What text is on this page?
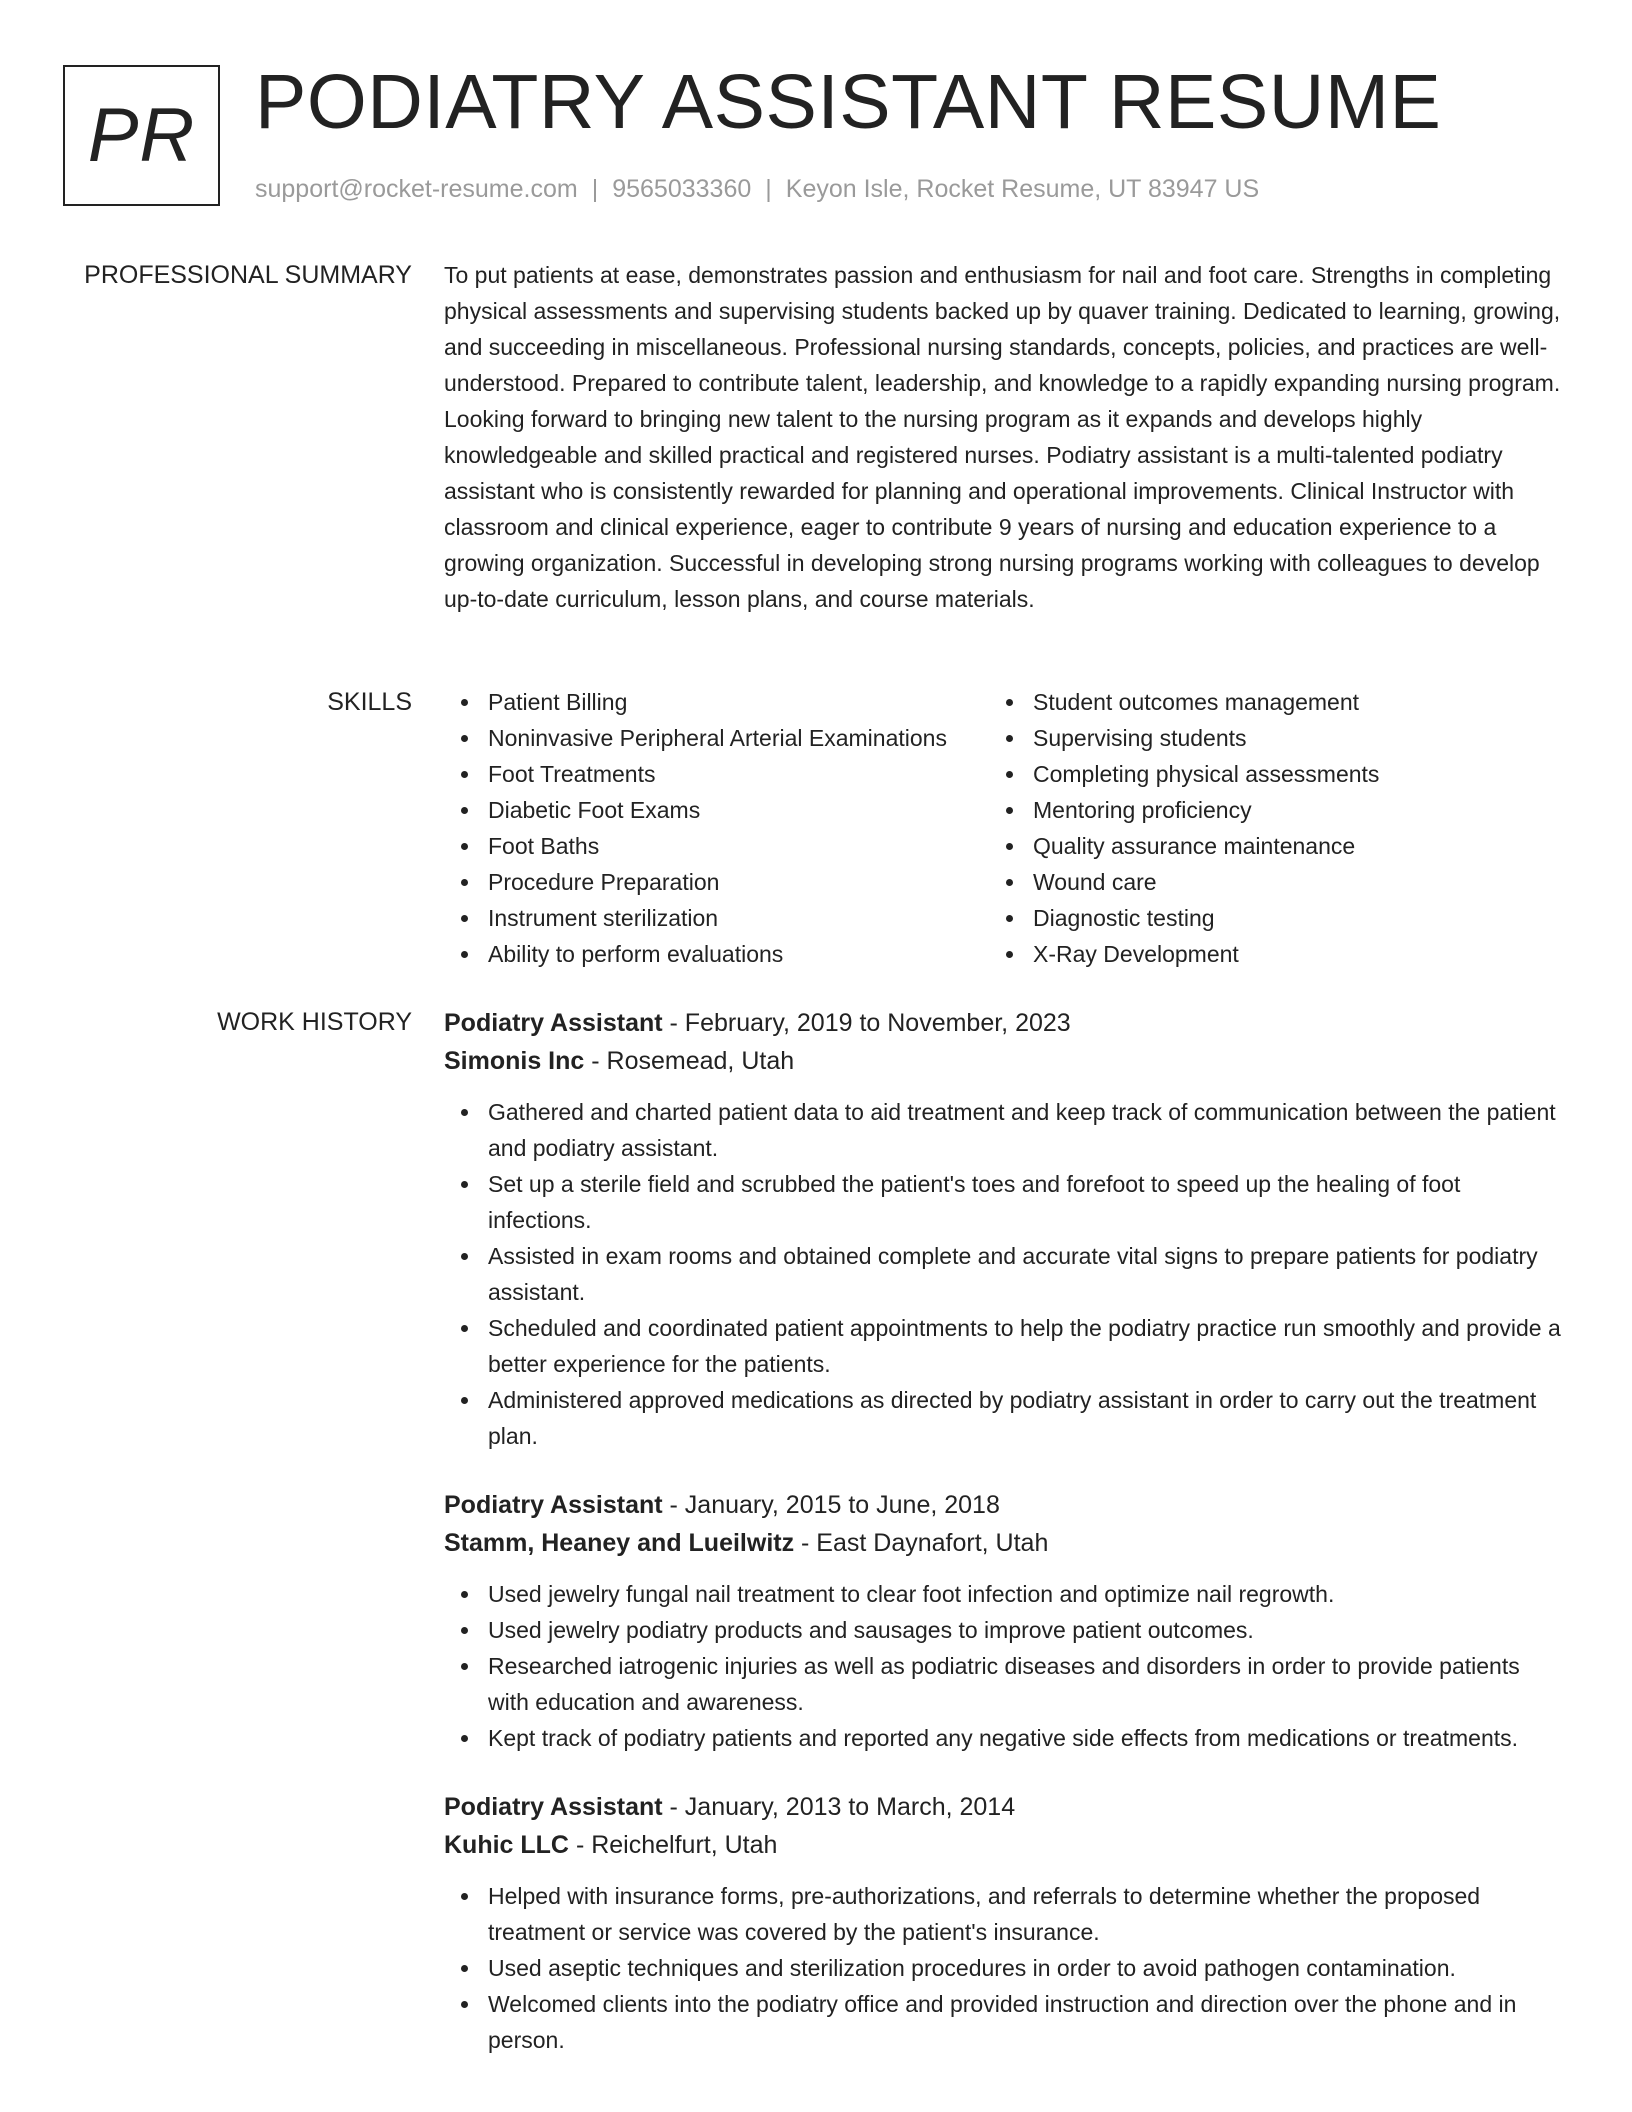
PR PODIATRY ASSISTANT RESUME
support@rocket-resume.com | 9565033360 | Keyon Isle, Rocket Resume, UT 83947 US
PROFESSIONAL SUMMARY To put patients at ease, demonstrates passion and enthusiasm for nail and foot care. Strengths in completing physical assessments and supervising students backed up by quaver training. Dedicated to learning, growing, and succeeding in miscellaneous. Professional nursing standards, concepts, policies, and practices are well-understood. Prepared to contribute talent, leadership, and knowledge to a rapidly expanding nursing program. Looking forward to bringing new talent to the nursing program as it expands and develops highly knowledgeable and skilled practical and registered nurses. Podiatry assistant is a multi-talented podiatry assistant who is consistently rewarded for planning and operational improvements. Clinical Instructor with classroom and clinical experience, eager to contribute 9 years of nursing and education experience to a growing organization. Successful in developing strong nursing programs working with colleagues to develop up-to-date curriculum, lesson plans, and course materials.

SKILLS	Patient Billing
Noninvasive Peripheral Arterial Examinations
Foot Treatments
Diabetic Foot Exams
Foot Baths
Procedure Preparation
Instrument sterilization
Ability to perform evaluations
Student outcomes management
Supervising students
Completing physical assessments
Mentoring proficiency
Quality assurance maintenance
Wound care
Diagnostic testing
X-Ray Development
WORK HISTORY Podiatry Assistant - February, 2019 to November, 2023
Simonis Inc - Rosemead, Utah
Gathered and charted patient data to aid treatment and keep track of communication between the patient and podiatry assistant.
Set up a sterile field and scrubbed the patient's toes and forefoot to speed up the healing of foot infections.
Assisted in exam rooms and obtained complete and accurate vital signs to prepare patients for podiatry assistant.
Scheduled and coordinated patient appointments to help the podiatry practice run smoothly and provide a better experience for the patients.
Administered approved medications as directed by podiatry assistant in order to carry out the treatment plan.
Podiatry Assistant - January, 2015 to June, 2018
Stamm, Heaney and Lueilwitz - East Daynafort, Utah
Used jewelry fungal nail treatment to clear foot infection and optimize nail regrowth.
Used jewelry podiatry products and sausages to improve patient outcomes.
Researched iatrogenic injuries as well as podiatric diseases and disorders in order to provide patients with education and awareness.
Kept track of podiatry patients and reported any negative side effects from medications or treatments.
Podiatry Assistant - January, 2013 to March, 2014
Kuhic LLC - Reichelfurt, Utah
Helped with insurance forms, pre-authorizations, and referrals to determine whether the proposed treatment or service was covered by the patient's insurance.
Used aseptic techniques and sterilization procedures in order to avoid pathogen contamination.
Welcomed clients into the podiatry office and provided instruction and direction over the phone and in person.
